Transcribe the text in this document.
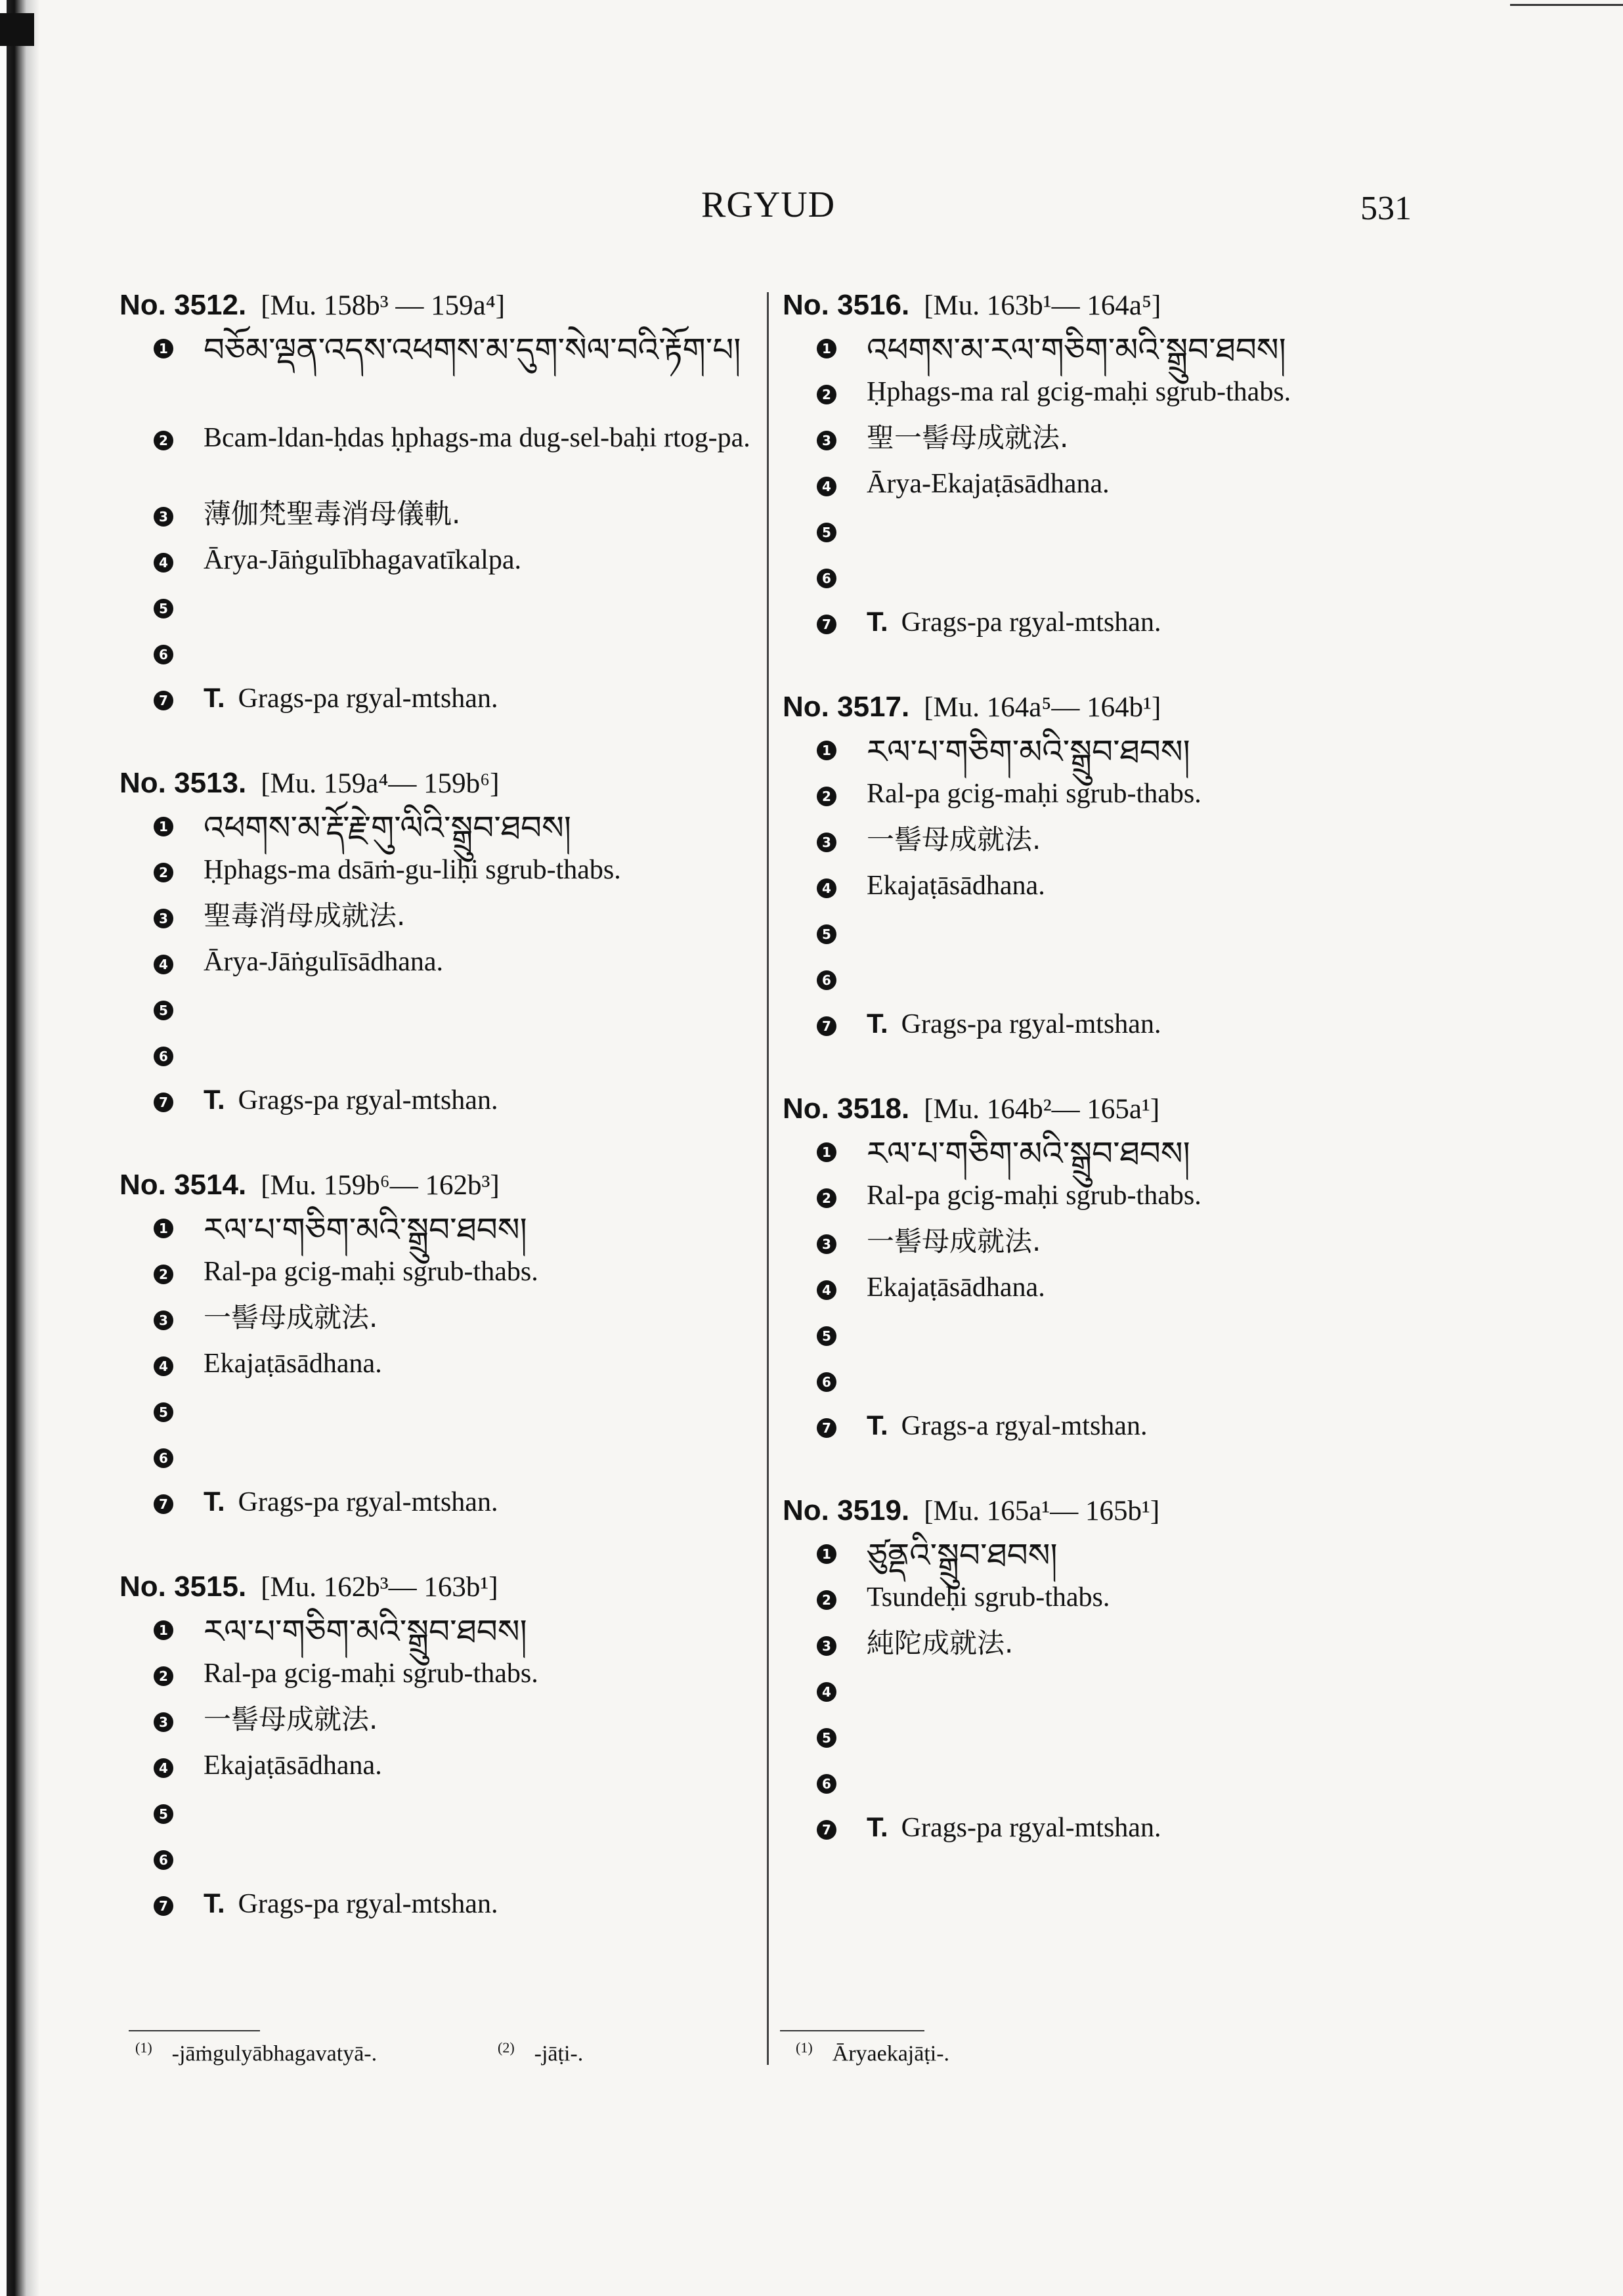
RGYUD	531
No. 3512. [Mu. 158b³ — 159a⁴]
1 བཅོམ་ལྡན་འདས་འཕགས་མ་དུག་སེལ་བའི་རྟོག་པ།
2 Bcam-ldan-ḥdas ḥphags-ma dug-sel-baḥi rtog-pa.
3 薄伽梵聖毒消母儀軌.
4 Ārya-Jāṅgulībhagavatīkalpa.
5
6
7 T. Grags-pa rgyal-mtshan.
No. 3513. [Mu. 159a⁴— 159b⁶]
1 འཕགས་མ་རྡོ་རྗེ་གུ་ལིའི་སྒྲུབ་ཐབས།
2 Ḥphags-ma dsāṁ-gu-liḥi sgrub-thabs.
3 聖毒消母成就法.
4 Ārya-Jāṅgulīsādhana.
5
6
7 T. Grags-pa rgyal-mtshan.
No. 3514. [Mu. 159b⁶— 162b³]
1 རལ་པ་གཅིག་མའི་སྒྲུབ་ཐབས།
2 Ral-pa gcig-maḥi sgrub-thabs.
3 一髻母成就法.
4 Ekajaṭāsādhana.
5
6
7 T. Grags-pa rgyal-mtshan.
No. 3515. [Mu. 162b³— 163b¹]
1 རལ་པ་གཅིག་མའི་སྒྲུབ་ཐབས།
2 Ral-pa gcig-maḥi sgrub-thabs.
3 一髻母成就法.
4 Ekajaṭāsādhana.
5
6
7 T. Grags-pa rgyal-mtshan.
No. 3516. [Mu. 163b¹— 164a⁵]
1 འཕགས་མ་རལ་གཅིག་མའི་སྒྲུབ་ཐབས།
2 Ḥphags-ma ral gcig-maḥi sgrub-thabs.
3 聖一髻母成就法.
4 Ārya-Ekajaṭāsādhana.
5
6
7 T. Grags-pa rgyal-mtshan.
No. 3517. [Mu. 164a⁵— 164b¹]
1 རལ་པ་གཅིག་མའི་སྒྲུབ་ཐབས།
2 Ral-pa gcig-maḥi sgrub-thabs.
3 一髻母成就法.
4 Ekajaṭāsādhana.
5
6
7 T. Grags-pa rgyal-mtshan.
No. 3518. [Mu. 164b²— 165a¹]
1 རལ་པ་གཅིག་མའི་སྒྲུབ་ཐབས།
2 Ral-pa gcig-maḥi sgrub-thabs.
3 一髻母成就法.
4 Ekajaṭāsādhana.
5
6
7 T. Grags-a rgyal-mtshan.
No. 3519. [Mu. 165a¹— 165b¹]
1 ཙུནྡའི་སྒྲུབ་ཐབས།
2 Tsundeḥi sgrub-thabs.
3 純陀成就法.
4
5
6
7 T. Grags-pa rgyal-mtshan.
$^{(1)}$ -jāṁgulyābhagavatyā-.	$^{(2)}$ -jāṭi-.	$^{(1)}$ Āryaekajāṭi-.
